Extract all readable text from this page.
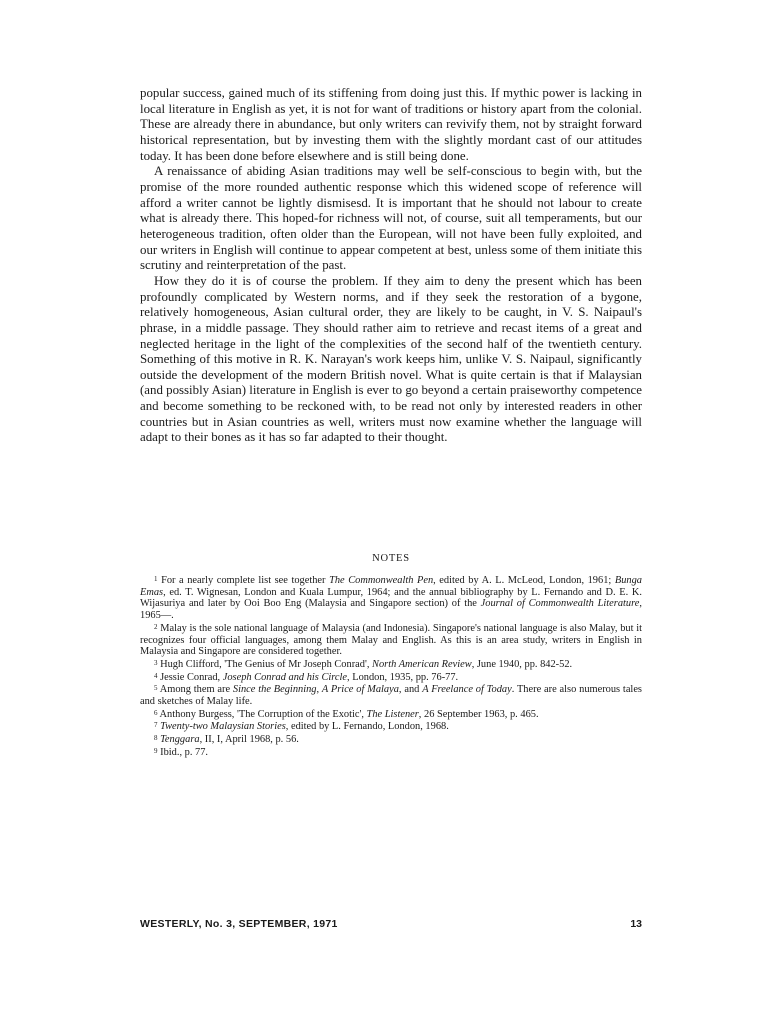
popular success, gained much of its stiffening from doing just this. If mythic power is lacking in local literature in English as yet, it is not for want of traditions or history apart from the colonial. These are already there in abundance, but only writers can revivify them, not by straight forward historical representation, but by investing them with the slightly mordant cast of our attitudes today. It has been done before elsewhere and is still being done.

A renaissance of abiding Asian traditions may well be self-conscious to begin with, but the promise of the more rounded authentic response which this widened scope of reference will afford a writer cannot be lightly dismisesd. It is important that he should not labour to create what is already there. This hoped-for richness will not, of course, suit all temperaments, but our heterogeneous tradition, often older than the European, will not have been fully exploited, and our writers in English will continue to appear competent at best, unless some of them initiate this scrutiny and reinterpretation of the past.

How they do it is of course the problem. If they aim to deny the present which has been profoundly complicated by Western norms, and if they seek the restoration of a bygone, relatively homogeneous, Asian cultural order, they are likely to be caught, in V. S. Naipaul's phrase, in a middle passage. They should rather aim to retrieve and recast items of a great and neglected heritage in the light of the complexities of the second half of the twentieth century. Something of this motive in R. K. Narayan's work keeps him, unlike V. S. Naipaul, significantly outside the development of the modern British novel. What is quite certain is that if Malaysian (and possibly Asian) literature in English is ever to go beyond a certain praiseworthy competence and become something to be reckoned with, to be read not only by interested readers in other countries but in Asian countries as well, writers must now examine whether the language will adapt to their bones as it has so far adapted to their thought.

NOTES

$^1$ For a nearly complete list see together The Commonwealth Pen, edited by A. L. McLeod, London, 1961; Bunga Emas, ed. T. Wignesan, London and Kuala Lumpur, 1964; and the annual bibliography by L. Fernando and D. E. K. Wijasuriya and later by Ooi Boo Eng (Malaysia and Singapore section) of the Journal of Commonwealth Literature, 1965—.

$^2$ Malay is the sole national language of Malaysia (and Indonesia). Singapore's national language is also Malay, but it recognizes four official languages, among them Malay and English. As this is an area study, writers in English in Malaysia and Singapore are considered together.

$^3$ Hugh Clifford, 'The Genius of Mr Joseph Conrad', North American Review, June 1940, pp. 842-52.

$^4$ Jessie Conrad, Joseph Conrad and his Circle, London, 1935, pp. 76-77.

$^5$ Among them are Since the Beginning, A Price of Malaya, and A Freelance of Today. There are also numerous tales and sketches of Malay life.

$^6$ Anthony Burgess, 'The Corruption of the Exotic', The Listener, 26 September 1963, p. 465.

$^7$ Twenty-two Malaysian Stories, edited by L. Fernando, London, 1968.

$^8$ Tenggara, II, I, April 1968, p. 56.

$^9$ Ibid., p. 77.

WESTERLY, No. 3, SEPTEMBER, 1971	13
